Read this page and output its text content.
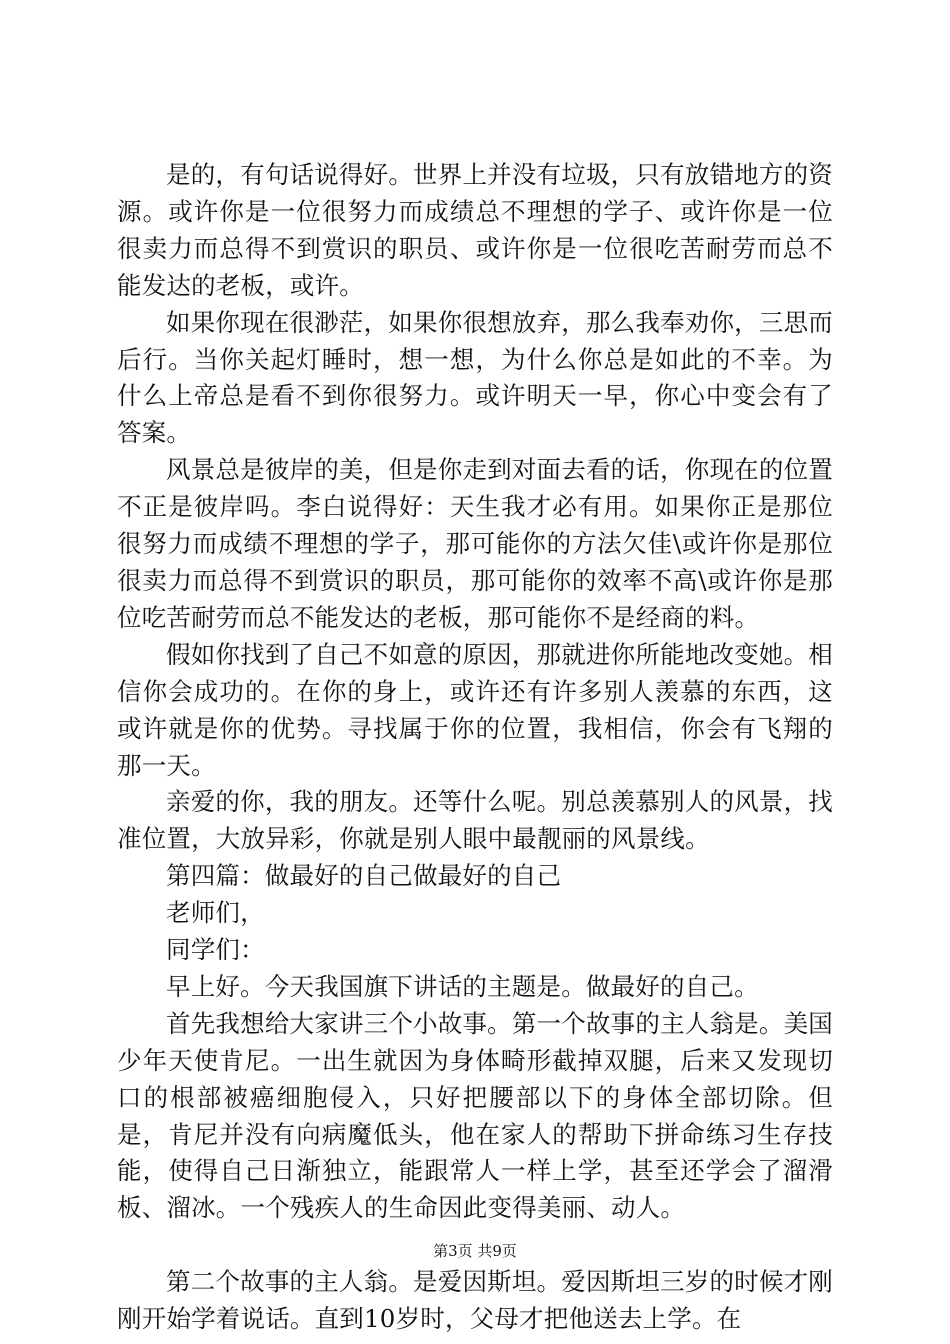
是的，有句话说得好。世界上并没有垃圾，只有放错地方的资源。或许你是一位很努力而成绩总不理想的学子、或许你是一位很卖力而总得不到赏识的职员、或许你是一位很吃苦耐劳而总不能发达的老板，或许。

如果你现在很渺茫，如果你很想放弃，那么我奉劝你，三思而后行。当你关起灯睡时，想一想，为什么你总是如此的不幸。为什么上帝总是看不到你很努力。或许明天一早，你心中变会有了答案。

风景总是彼岸的美，但是你走到对面去看的话，你现在的位置不正是彼岸吗。李白说得好：天生我才必有用。如果你正是那位很努力而成绩不理想的学子，那可能你的方法欠佳\或许你是那位很卖力而总得不到赏识的职员，那可能你的效率不高\或许你是那位吃苦耐劳而总不能发达的老板，那可能你不是经商的料。

假如你找到了自己不如意的原因，那就进你所能地改变她。相信你会成功的。在你的身上，或许还有许多别人羡慕的东西，这或许就是你的优势。寻找属于你的位置，我相信，你会有飞翔的那一天。

亲爱的你，我的朋友。还等什么呢。别总羡慕别人的风景，找准位置，大放异彩，你就是别人眼中最靓丽的风景线。

第四篇：做最好的自己做最好的自己

老师们，

同学们：

早上好。今天我国旗下讲话的主题是。做最好的自己。

首先我想给大家讲三个小故事。第一个故事的主人翁是。美国少年天使肯尼。一出生就因为身体畸形截掉双腿，后来又发现切口的根部被癌细胞侵入，只好把腰部以下的身体全部切除。但是，肯尼并没有向病魔低头，他在家人的帮助下拼命练习生存技能，使得自己日渐独立，能跟常人一样上学，甚至还学会了溜滑板、溜冰。一个残疾人的生命因此变得美丽、动人。

第二个故事的主人翁。是爱因斯坦。爱因斯坦三岁的时候才刚刚开始学着说话。直到10岁时，父母才把他送去上学。在

第3页 共9页
